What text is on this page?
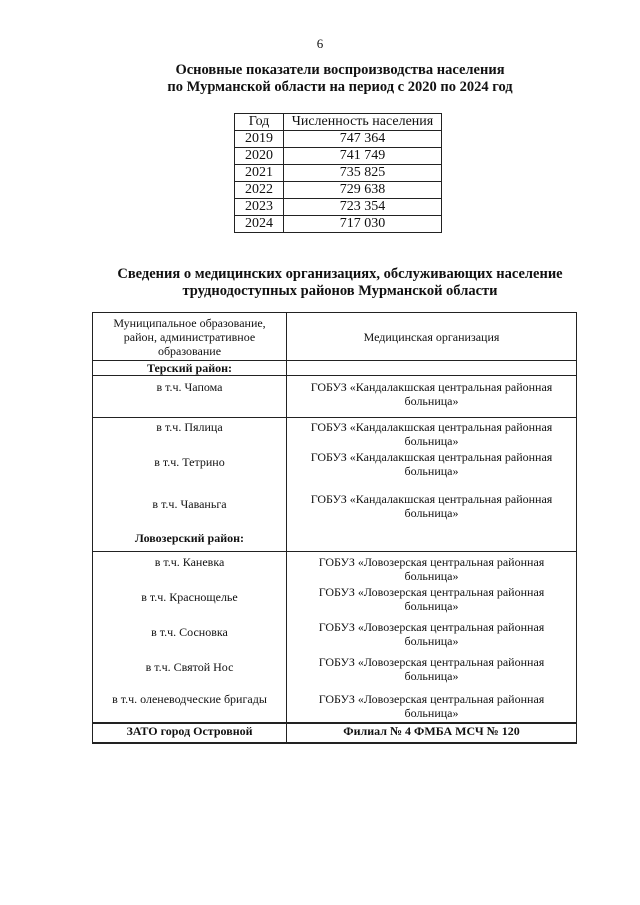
6
Основные показатели воспроизводства населения
по Мурманской области на период с 2020 по 2024 год
Год	Численность населения
2019	747 364
2020	741 749
2021	735 825
2022	729 638
2023	723 354
2024	717 030
Сведения о медицинских организациях, обслуживающих население
труднодоступных районов Мурманской области
Муниципальное образование, район, административное образование	Медицинская организация
Терский район:	
в т.ч. Чапома	ГОБУЗ «Кандалакшская центральная районная больница»
в т.ч. Пялица	ГОБУЗ «Кандалакшская центральная районная больница»
в т.ч. Тетрино	ГОБУЗ «Кандалакшская центральная районная больница»
в т.ч. Чаваньга	ГОБУЗ «Кандалакшская центральная районная больница»
Ловозерский район:	
в т.ч. Каневка	ГОБУЗ «Ловозерская центральная районная больница»
в т.ч. Краснощелье	ГОБУЗ «Ловозерская центральная районная больница»
в т.ч. Сосновка	ГОБУЗ «Ловозерская центральная районная больница»
в т.ч. Святой Нос	ГОБУЗ «Ловозерская центральная районная больница»
в т.ч. оленеводческие бригады	ГОБУЗ «Ловозерская центральная районная больница»
ЗАТО город Островной	Филиал № 4 ФМБА МСЧ № 120
